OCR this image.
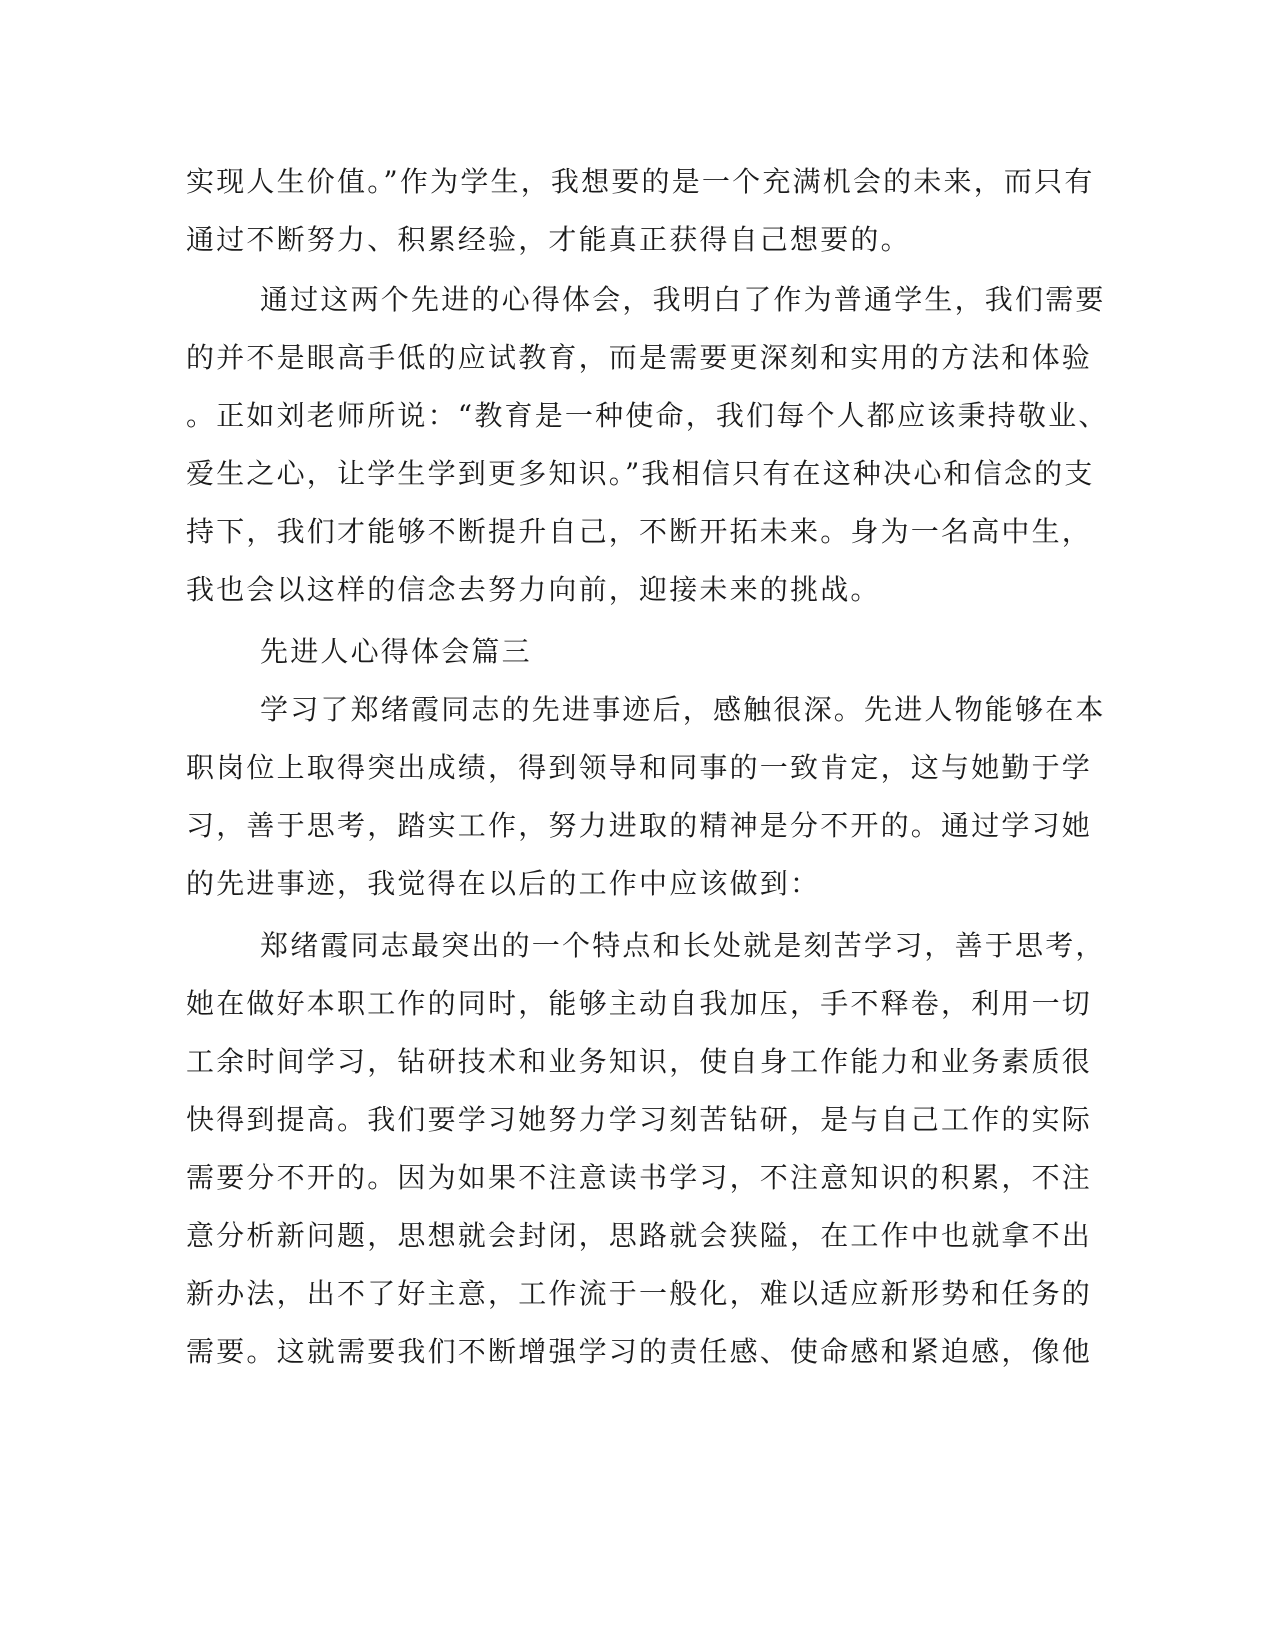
实现人生价值。”作为学生，我想要的是一个充满机会的未来，而只有
通过不断努力、积累经验，才能真正获得自己想要的。
通过这两个先进的心得体会，我明白了作为普通学生，我们需要
的并不是眼高手低的应试教育，而是需要更深刻和实用的方法和体验
。正如刘老师所说：“教育是一种使命，我们每个人都应该秉持敬业、
爱生之心，让学生学到更多知识。”我相信只有在这种决心和信念的支
持下，我们才能够不断提升自己，不断开拓未来。身为一名高中生，
我也会以这样的信念去努力向前，迎接未来的挑战。
先进人心得体会篇三
学习了郑绪霞同志的先进事迹后，感触很深。先进人物能够在本
职岗位上取得突出成绩，得到领导和同事的一致肯定，这与她勤于学
习，善于思考，踏实工作，努力进取的精神是分不开的。通过学习她
的先进事迹，我觉得在以后的工作中应该做到：
郑绪霞同志最突出的一个特点和长处就是刻苦学习，善于思考，
她在做好本职工作的同时，能够主动自我加压，手不释卷，利用一切
工余时间学习，钻研技术和业务知识，使自身工作能力和业务素质很
快得到提高。我们要学习她努力学习刻苦钻研，是与自己工作的实际
需要分不开的。因为如果不注意读书学习，不注意知识的积累，不注
意分析新问题，思想就会封闭，思路就会狭隘，在工作中也就拿不出
新办法，出不了好主意，工作流于一般化，难以适应新形势和任务的
需要。这就需要我们不断增强学习的责任感、使命感和紧迫感，像他
